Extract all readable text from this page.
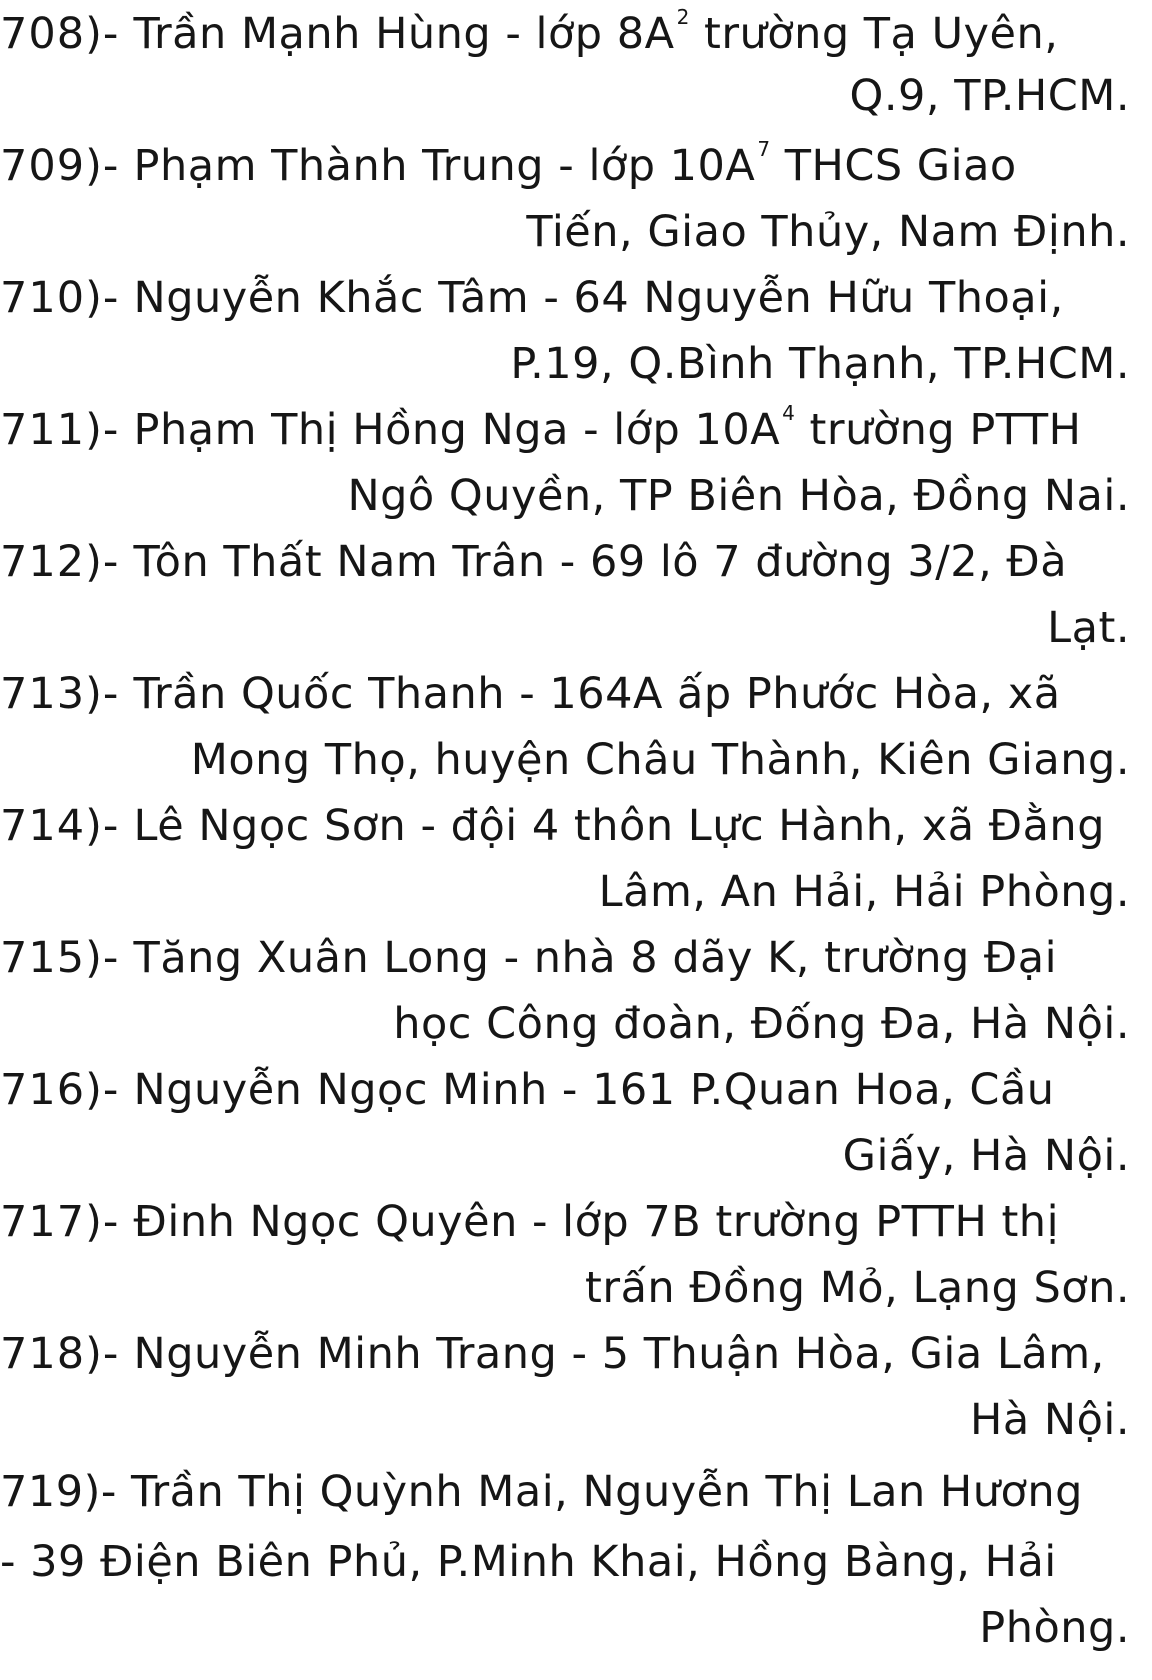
708)- Trần Mạnh Hùng - lớp 8A $^2$ trường Tạ Uyên,
Q.9, TP.HCM.
709)- Phạm Thành Trung - lớp 10A $^7$ THCS Giao
Tiến, Giao Thủy, Nam Định.
710)- Nguyễn Khắc Tâm - 64 Nguyễn Hữu Thoại,
P.19, Q.Bình Thạnh, TP.HCM.
711)- Phạm Thị Hồng Nga - lớp 10A $^4$ trường PTTH
Ngô Quyền, TP Biên Hòa, Đồng Nai.
712)- Tôn Thất Nam Trân - 69 lô 7 đường 3/2, Đà
Lạt.
713)- Trần Quốc Thanh - 164A ấp Phước Hòa, xã
Mong Thọ, huyện Châu Thành, Kiên Giang.
714)- Lê Ngọc Sơn - đội 4 thôn Lực Hành, xã Đằng
Lâm, An Hải, Hải Phòng.
715)- Tăng Xuân Long - nhà 8 dãy K, trường Đại
học Công đoàn, Đống Đa, Hà Nội.
716)- Nguyễn Ngọc Minh - 161 P.Quan Hoa, Cầu
Giấy, Hà Nội.
717)- Đinh Ngọc Quyên - lớp 7B trường PTTH thị
trấn Đồng Mỏ, Lạng Sơn.
718)- Nguyễn Minh Trang - 5 Thuận Hòa, Gia Lâm,
Hà Nội.
719)- Trần Thị Quỳnh Mai, Nguyễn Thị Lan Hương
- 39 Điện Biên Phủ, P.Minh Khai, Hồng Bàng, Hải
Phòng.
